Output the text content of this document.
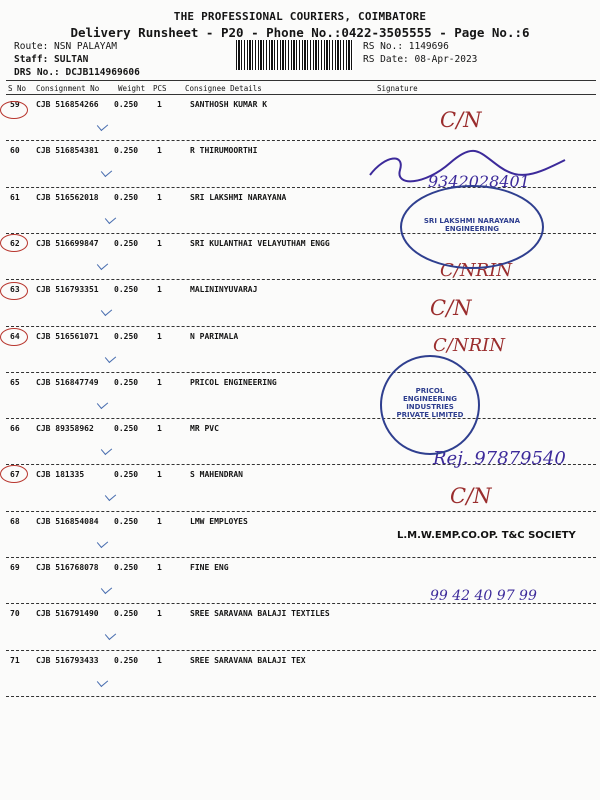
THE PROFESSIONAL COURIERS, COIMBATORE
Delivery Runsheet - P20 - Phone No.:0422-3505555 - Page No.:6
Route: NSN PALAYAM
Staff: SULTAN
DRS No.: DCJB114969606
RS No.: 1149696
RS Date: 08-Apr-2023
S No Consignment No	Weight PCS Consignee Details	Signature
59 CJB 516854266 0.250 1	SANTHOSH KUMAR K
60 CJB 516854381 0.250 1	R THIRUMOORTHI
61 CJB 516562018 0.250 1	SRI LAKSHMI NARAYANA
62 CJB 516699847 0.250 1	SRI KULANTHAI VELAYUTHAM ENGG
63 CJB 516793351 0.250 1	MALININYUVARAJ
64 CJB 516561071 0.250 1	N PARIMALA
65 CJB 516847749 0.250 1	PRICOL ENGINEERING
66 CJB 89358962	0.250 1	MR PVC
67 CJB 181335	0.250 1	S MAHENDRAN
68 CJB 516854084 0.250 1	LMW EMPLOYES
69 CJB 516768078 0.250 1	FINE ENG
70 CJB 516791490 0.250 1	SREE SARAVANA BALAJI TEXTILES
71 CJB 516793433 0.250 1	SREE SARAVANA BALAJI TEX
C/N
9342028401
C/NRIN
C/N
C/NRIN
Rej. 97879540
C/N
L.M.W.EMP.CO.OP. T&C SOCIETY
99 42 40 97 99
SRI LAKSHMI NARAYANA ENGINEERING
PRICOL ENGINEERING INDUSTRIES PRIVATE LIMITED
